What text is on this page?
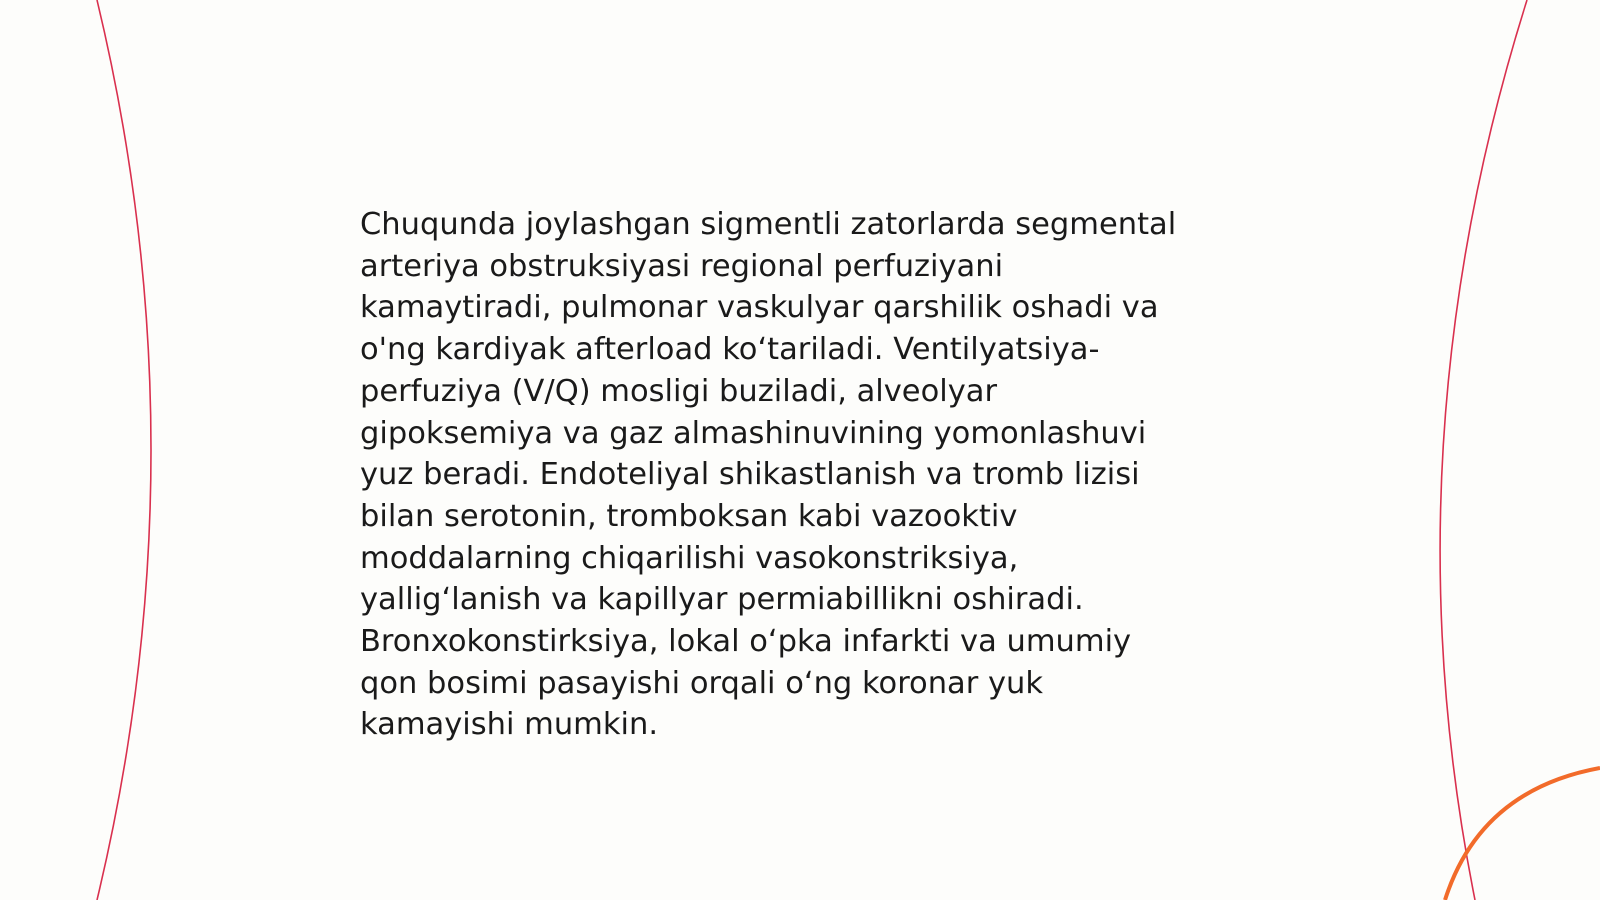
Chuqunda joylashgan sigmentli zatorlarda segmental
arteriya obstruksiyasi regional perfuziyani
kamaytiradi, pulmonar vaskulyar qarshilik oshadi va
o'ng kardiyak afterload ko‘tariladi. Ventilyatsiya-
perfuziya (V/Q) mosligi buziladi, alveolyar
gipoksemiya va gaz almashinuvining yomonlashuvi
yuz beradi. Endoteliyal shikastlanish va tromb lizisi
bilan serotonin, tromboksan kabi vazooktiv
moddalarning chiqarilishi vasokonstriksiya,
yallig‘lanish va kapillyar permiabillikni oshiradi.
Bronxokonstirksiya, lokal o‘pka infarkti va umumiy
qon bosimi pasayishi orqali o‘ng koronar yuk
kamayishi mumkin.
